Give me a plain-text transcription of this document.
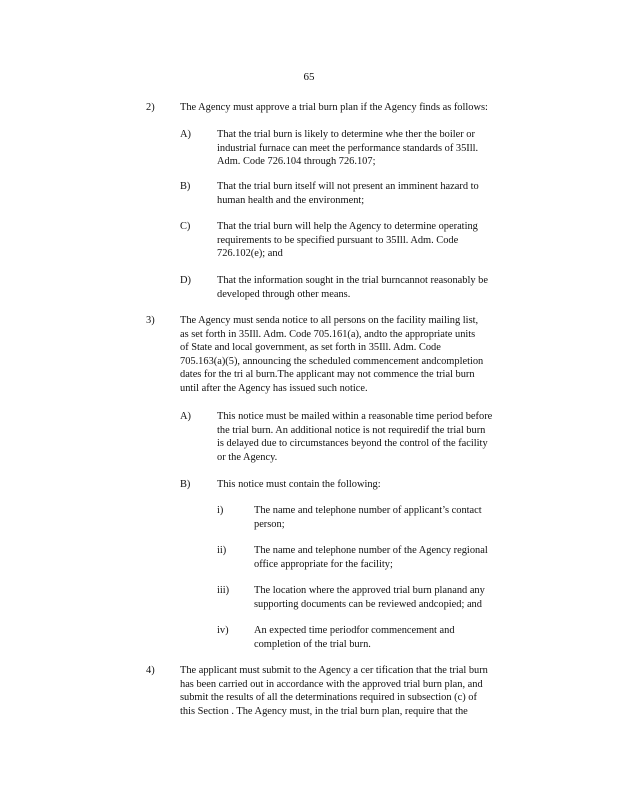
65
2) The Agency must approve a trial burn plan if the Agency finds as follows:
A)	That the trial burn is likely to determine whe ther the boiler or
industrial furnace can meet the performance standards of 35Ill.
Adm. Code 726.104 through 726.107;
B)	That the trial burn itself will not present an imminent hazard to
human health and the environment;
C)	That the trial burn will help the Agency to determine operating
requirements to be specified pursuant to 35Ill. Adm. Code
726.102(e); and
D)	That the information sought in the trial burncannot reasonably be
developed through other means.
3) The Agency must senda notice to all persons on the facility mailing list,
as set forth in 35Ill. Adm. Code 705.161(a), andto the appropriate units
of State and local government, as set forth in 35Ill. Adm. Code
705.163(a)(5), announcing the scheduled commencement andcompletion
dates for the tri al burn.The applicant may not commence the trial burn
until after the Agency has issued such notice.
A)	This notice must be mailed within a reasonable time period before
the trial burn. An additional notice is not requiredif the trial burn
is delayed due to circumstances beyond the control of the facility
or the Agency.
B)	This notice must contain the following:
i)	The name and telephone number of applicant’s contact
person;
ii)	The name and telephone number of the Agency regional
office appropriate for the facility;
iii) The location where the approved trial burn planand any
supporting documents can be reviewed andcopied; and
iv) An expected time periodfor commencement and
completion of the trial burn.
4) The applicant must submit to the Agency a cer tification that the trial burn
has been carried out in accordance with the approved trial burn plan, and
submit the results of all the determinations required in subsection (c) of
this Section . The Agency must, in the trial burn plan, require that the
